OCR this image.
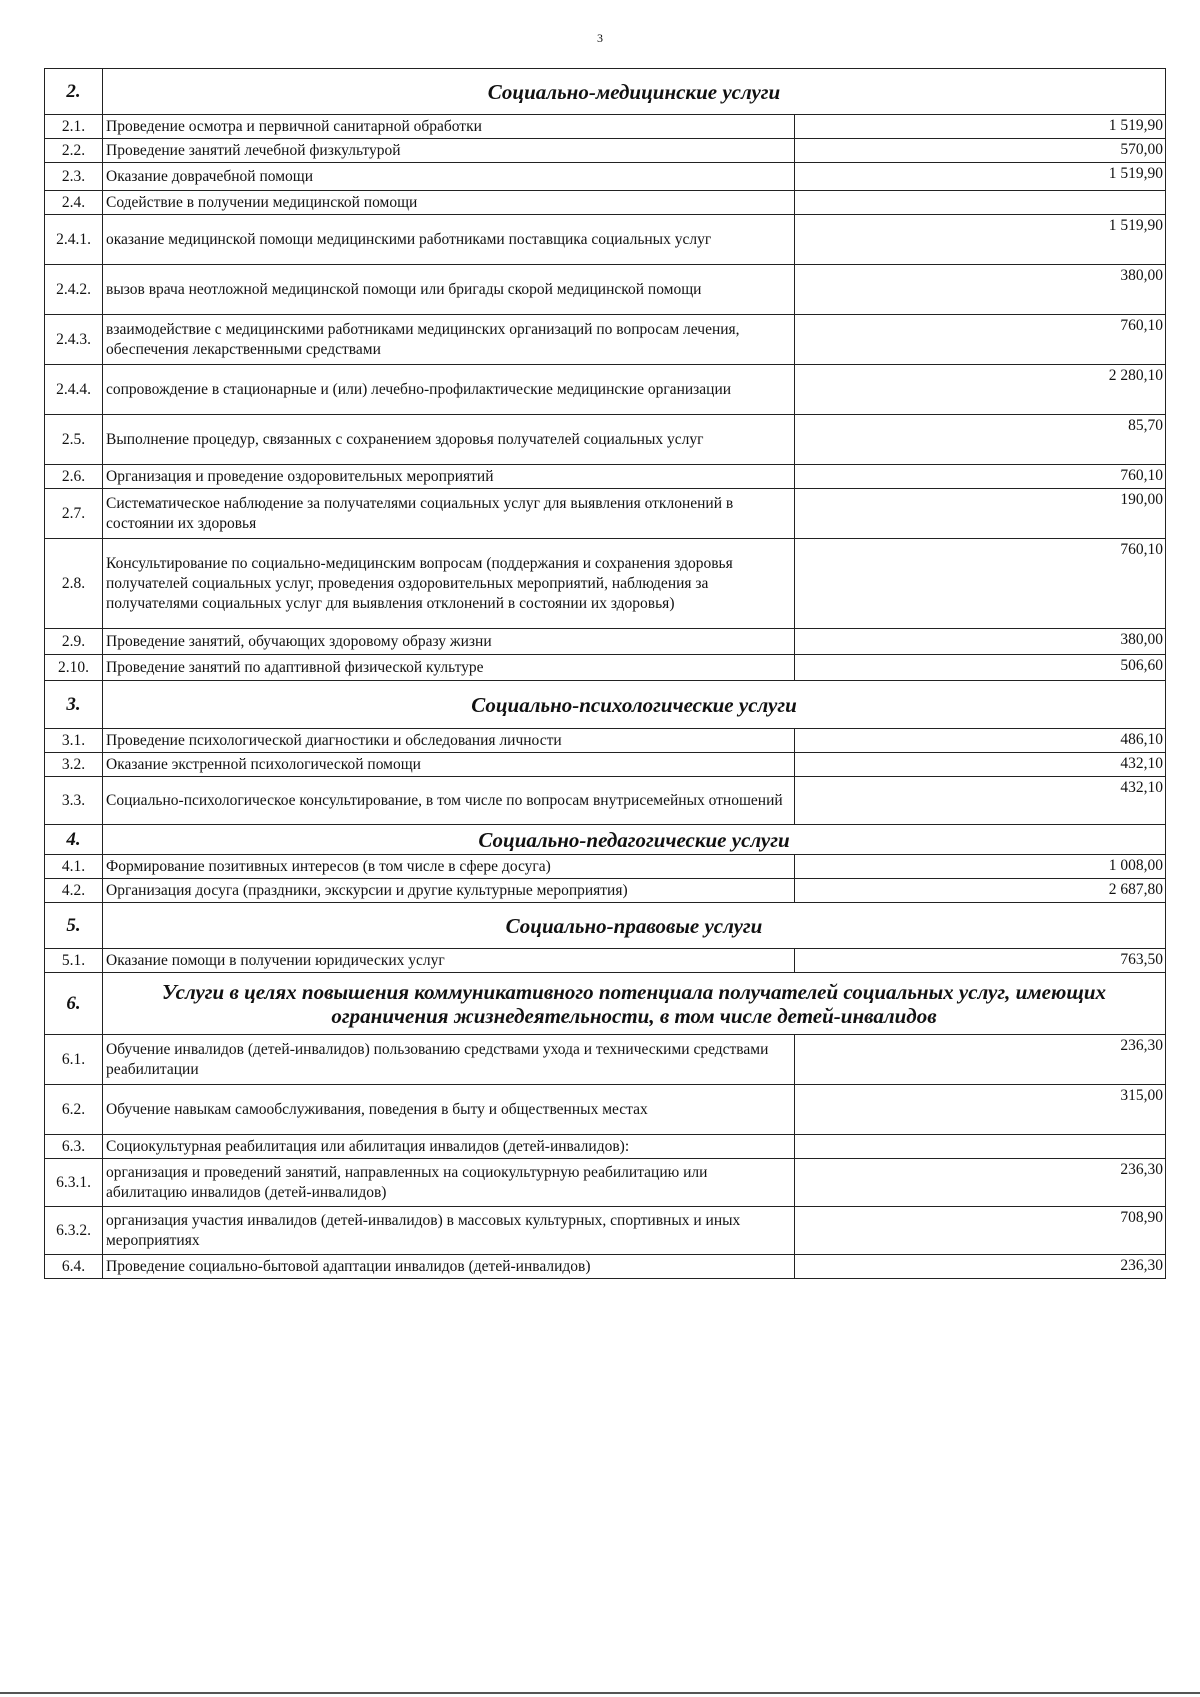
3
2.	Социально-медицинские услуги	
2.1.	Проведение осмотра и первичной санитарной обработки	1 519,90
2.2.	Проведение занятий лечебной физкультурой	570,00
2.3.	Оказание доврачебной помощи	1 519,90
2.4.	Содействие в получении медицинской помощи	
2.4.1.	оказание медицинской помощи медицинскими работниками поставщика социальных услуг	1 519,90
2.4.2.	вызов врача неотложной медицинской помощи или бригады скорой медицинской помощи	380,00
2.4.3.	взаимодействие с медицинскими работниками медицинских организаций по вопросам лечения, обеспечения лекарственными средствами	760,10
2.4.4.	сопровождение в стационарные и (или) лечебно-профилактические медицинские организации	2 280,10
2.5.	Выполнение процедур, связанных с сохранением здоровья получателей социальных услуг	85,70
2.6.	Организация и проведение оздоровительных мероприятий	760,10
2.7.	Систематическое наблюдение за получателями социальных услуг для выявления отклонений в состоянии их здоровья	190,00
2.8.	Консультирование по социально-медицинским вопросам (поддержания и сохранения здоровья получателей социальных услуг, проведения оздоровительных мероприятий, наблюдения за получателями социальных услуг для выявления отклонений в состоянии их здоровья)	760,10
2.9.	Проведение занятий, обучающих здоровому образу жизни	380,00
2.10.	Проведение занятий по адаптивной физической культуре	506,60
3.	Социально-психологические услуги	
3.1.	Проведение психологической диагностики и обследования личности	486,10
3.2.	Оказание экстренной психологической помощи	432,10
3.3.	Социально-психологическое консультирование, в том числе по вопросам внутрисемейных отношений	432,10
4.	Социально-педагогические услуги	
4.1.	Формирование позитивных интересов (в том числе в сфере досуга)	1 008,00
4.2.	Организация досуга (праздники, экскурсии и другие культурные мероприятия)	2 687,80
5.	Социально-правовые услуги	
5.1.	Оказание помощи в получении юридических услуг	763,50
6.	Услуги в целях повышения коммуникативного потенциала получателей социальных услуг, имеющих ограничения жизнедеятельности, в том числе детей-инвалидов	
6.1.	Обучение инвалидов (детей-инвалидов) пользованию средствами ухода и техническими средствами реабилитации	236,30
6.2.	Обучение навыкам самообслуживания, поведения в быту и общественных местах	315,00
6.3.	Социокультурная реабилитация или абилитация инвалидов (детей-инвалидов):	
6.3.1.	организация и проведений занятий, направленных на социокультурную реабилитацию или абилитацию инвалидов (детей-инвалидов)	236,30
6.3.2.	организация участия инвалидов (детей-инвалидов) в массовых культурных, спортивных и иных мероприятиях	708,90
6.4.	Проведение социально-бытовой адаптации инвалидов (детей-инвалидов)	236,30
